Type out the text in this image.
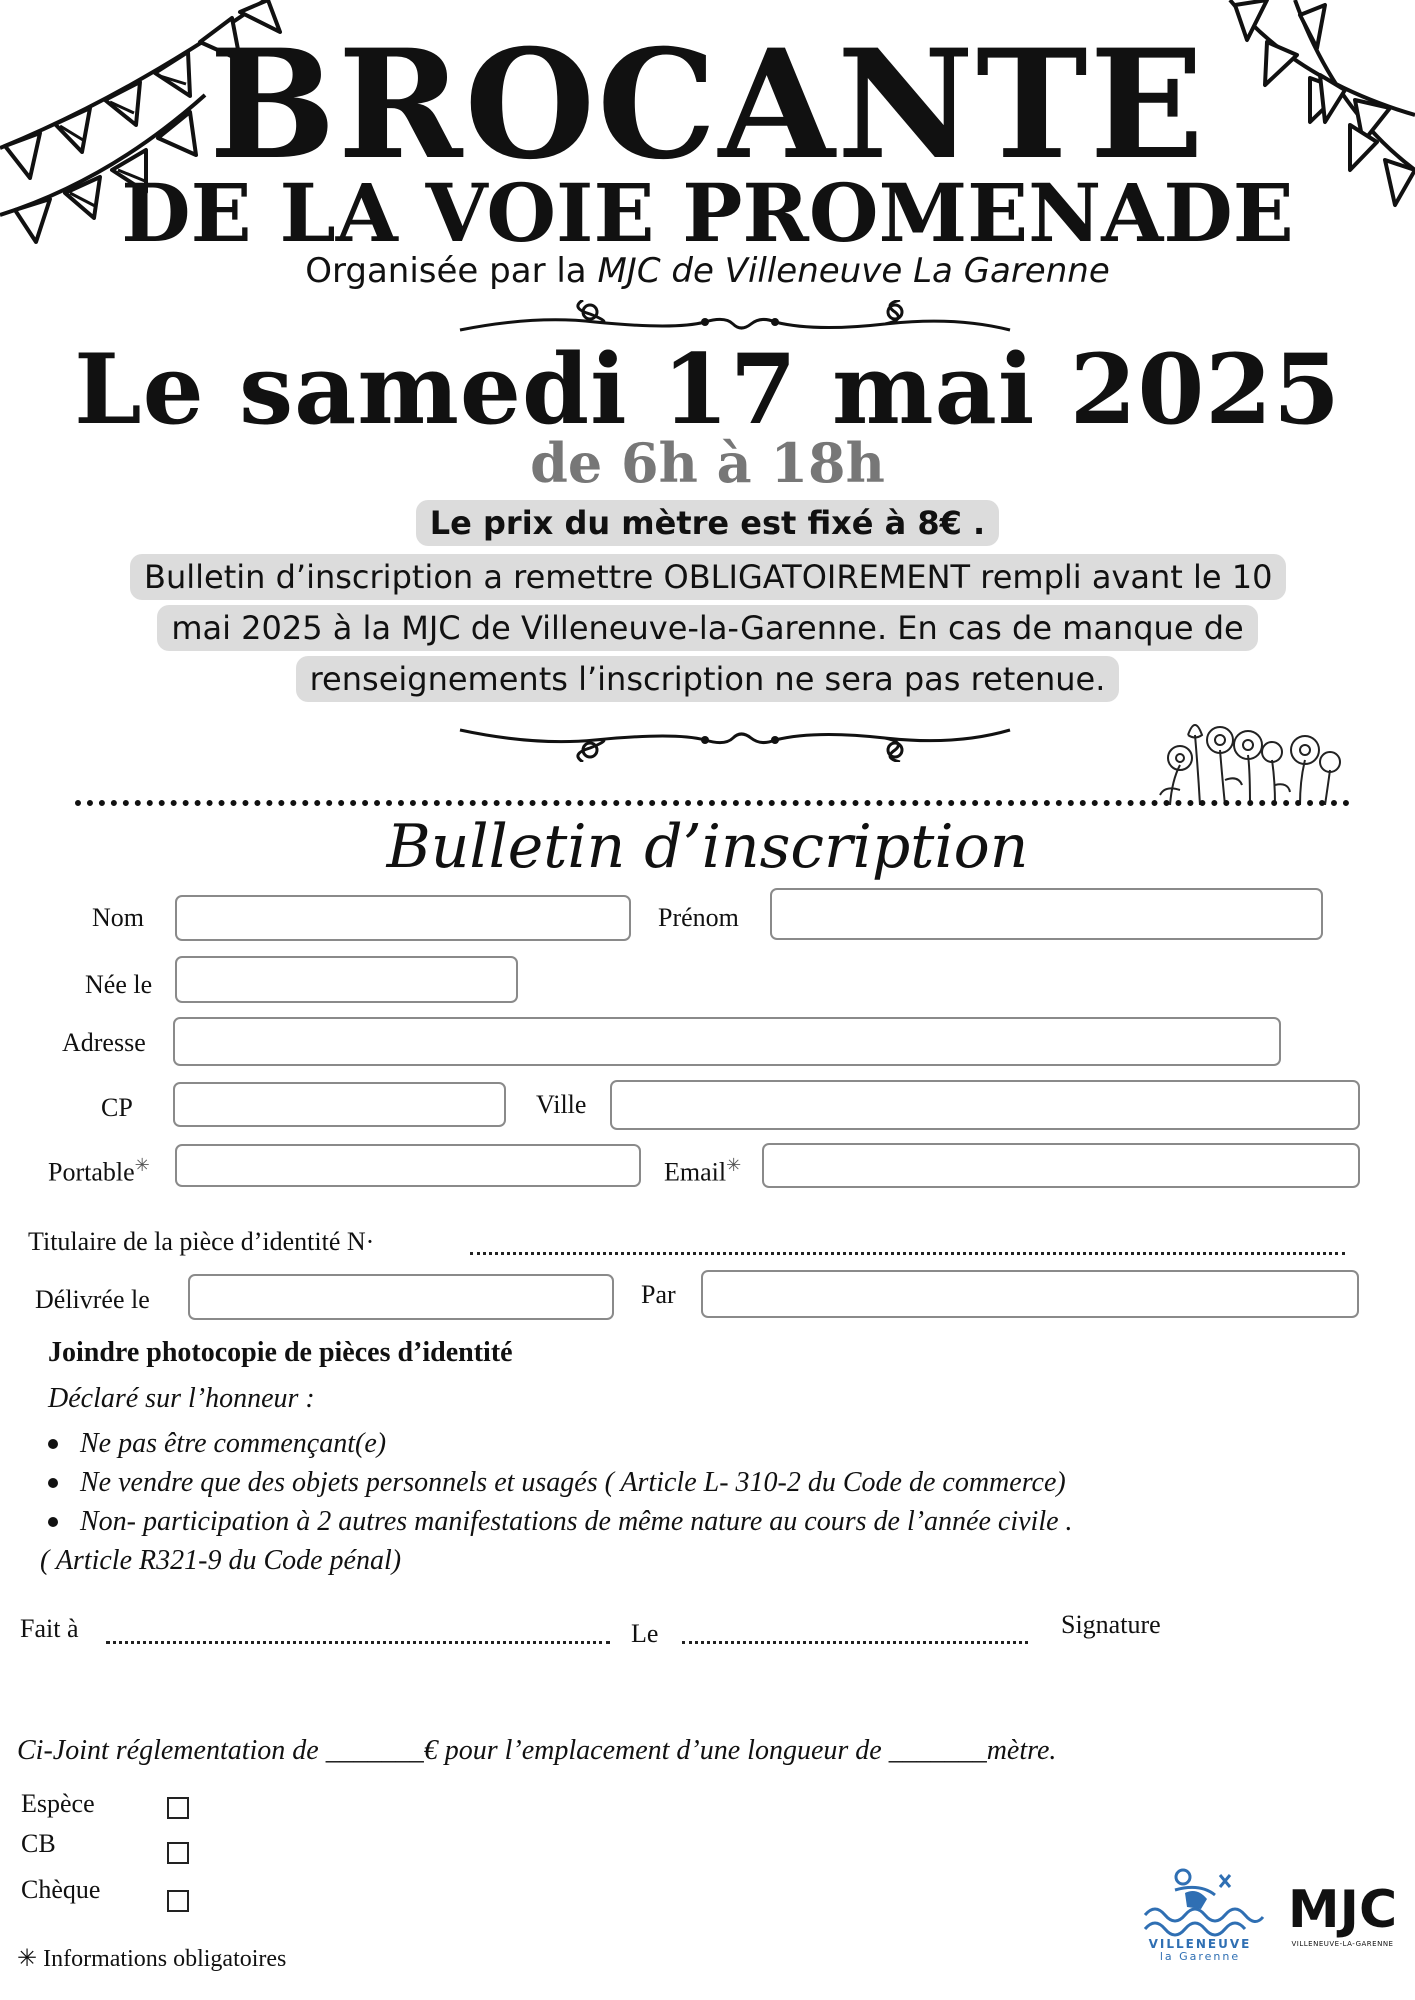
BROCANTE
DE LA VOIE PROMENADE
Organisée par la MJC de Villeneuve La Garenne
Le samedi 17 mai 2025
de 6h à 18h
Le prix du mètre est fixé à 8€ .
Bulletin d’inscription a remettre OBLIGATOIREMENT rempli avant le 10 mai 2025 à la MJC de Villeneuve-la-Garenne. En cas de manque de renseignements l’inscription ne sera pas retenue.
Bulletin d’inscription
Nom	Prénom
Née le
Adresse
CP	Ville
Portable✳	Email✳
Titulaire de la pièce d’identité N·
Délivrée le	Par
Joindre photocopie de pièces d’identité
Déclaré sur l’honneur :
Ne pas être commençant(e)
Ne vendre que des objets personnels et usagés ( Article L- 310-2 du Code de commerce)
Non- participation à 2 autres manifestations de même nature au cours de l’année civile .
( Article R321-9 du Code pénal)
Fait à	Le	Signature
Ci-Joint réglementation de _______€ pour l’emplacement d’une longueur de _______mètre.
Espèce
CB
Chèque
✳ Informations obligatoires
VILLENEUVE
la Garenne
MJC
VILLENEUVE-LA-GARENNE
